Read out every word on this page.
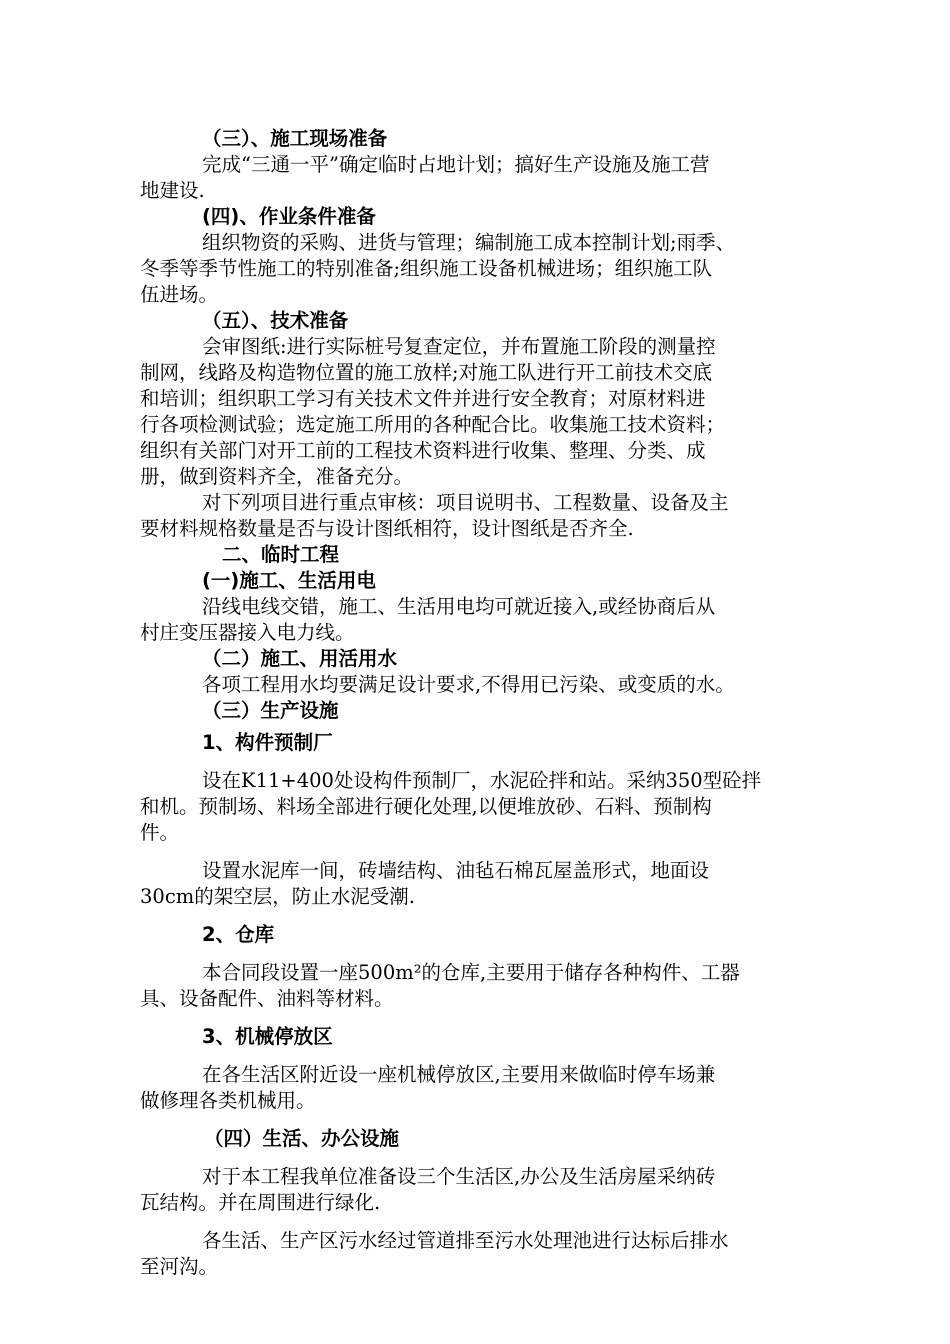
（三）、施工现场准备
完成“三通一平”确定临时占地计划；搞好生产设施及施工营
地建设.
(四)、作业条件准备
组织物资的采购、进货与管理；编制施工成本控制计划;雨季、
冬季等季节性施工的特别准备;组织施工设备机械进场；组织施工队
伍进场。
（五）、技术准备
会审图纸:进行实际桩号复查定位，并布置施工阶段的测量控
制网，线路及构造物位置的施工放样;对施工队进行开工前技术交底
和培训；组织职工学习有关技术文件并进行安全教育；对原材料进
行各项检测试验；选定施工所用的各种配合比。收集施工技术资料；
组织有关部门对开工前的工程技术资料进行收集、整理、分类、成
册，做到资料齐全，准备充分。
对下列项目进行重点审核：项目说明书、工程数量、设备及主
要材料规格数量是否与设计图纸相符，设计图纸是否齐全.
二、临时工程
(一)施工、生活用电
沿线电线交错，施工、生活用电均可就近接入,或经协商后从
村庄变压器接入电力线。
（二）施工、用活用水
各项工程用水均要满足设计要求,不得用已污染、或变质的水。
（三）生产设施
1、构件预制厂
设在K11+400处设构件预制厂，水泥砼拌和站。采纳350型砼拌
和机。预制场、料场全部进行硬化处理,以便堆放砂、石料、预制构
件。
设置水泥库一间，砖墙结构、油毡石棉瓦屋盖形式，地面设
30cm的架空层，防止水泥受潮.
2、仓库
本合同段设置一座500m²的仓库,主要用于储存各种构件、工器
具、设备配件、油料等材料。
3、机械停放区
在各生活区附近设一座机械停放区,主要用来做临时停车场兼
做修理各类机械用。
（四）生活、办公设施
对于本工程我单位准备设三个生活区,办公及生活房屋采纳砖
瓦结构。并在周围进行绿化.
各生活、生产区污水经过管道排至污水处理池进行达标后排水
至河沟。
